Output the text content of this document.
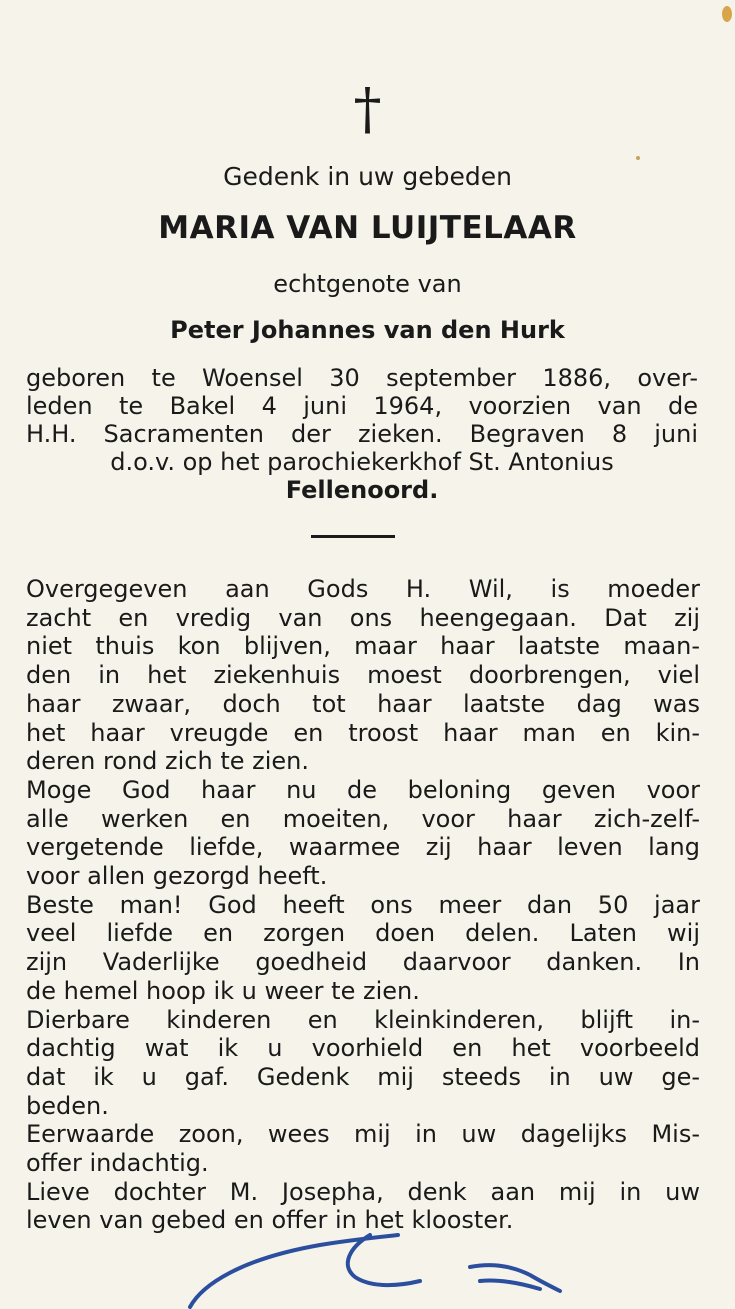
†
Gedenk in uw gebeden
MARIA VAN LUIJTELAAR
echtgenote van
Peter Johannes van den Hurk
geboren te Woensel 30 september 1886, over-
leden te Bakel 4 juni 1964, voorzien van de
H.H. Sacramenten der zieken. Begraven 8 juni
d.o.v. op het parochiekerkhof St. Antonius
Fellenoord.
Overgegeven aan Gods H. Wil, is moeder
zacht en vredig van ons heengegaan. Dat zij
niet thuis kon blijven, maar haar laatste maan-
den in het ziekenhuis moest doorbrengen, viel
haar zwaar, doch tot haar laatste dag was
het haar vreugde en troost haar man en kin-
deren rond zich te zien.
Moge God haar nu de beloning geven voor
alle werken en moeiten, voor haar zich-zelf-
vergetende liefde, waarmee zij haar leven lang
voor allen gezorgd heeft.
Beste man! God heeft ons meer dan 50 jaar
veel liefde en zorgen doen delen. Laten wij
zijn Vaderlijke goedheid daarvoor danken. In
de hemel hoop ik u weer te zien.
Dierbare kinderen en kleinkinderen, blijft in-
dachtig wat ik u voorhield en het voorbeeld
dat ik u gaf. Gedenk mij steeds in uw ge-
beden.
Eerwaarde zoon, wees mij in uw dagelijks Mis-
offer indachtig.
Lieve dochter M. Josepha, denk aan mij in uw
leven van gebed en offer in het klooster.
